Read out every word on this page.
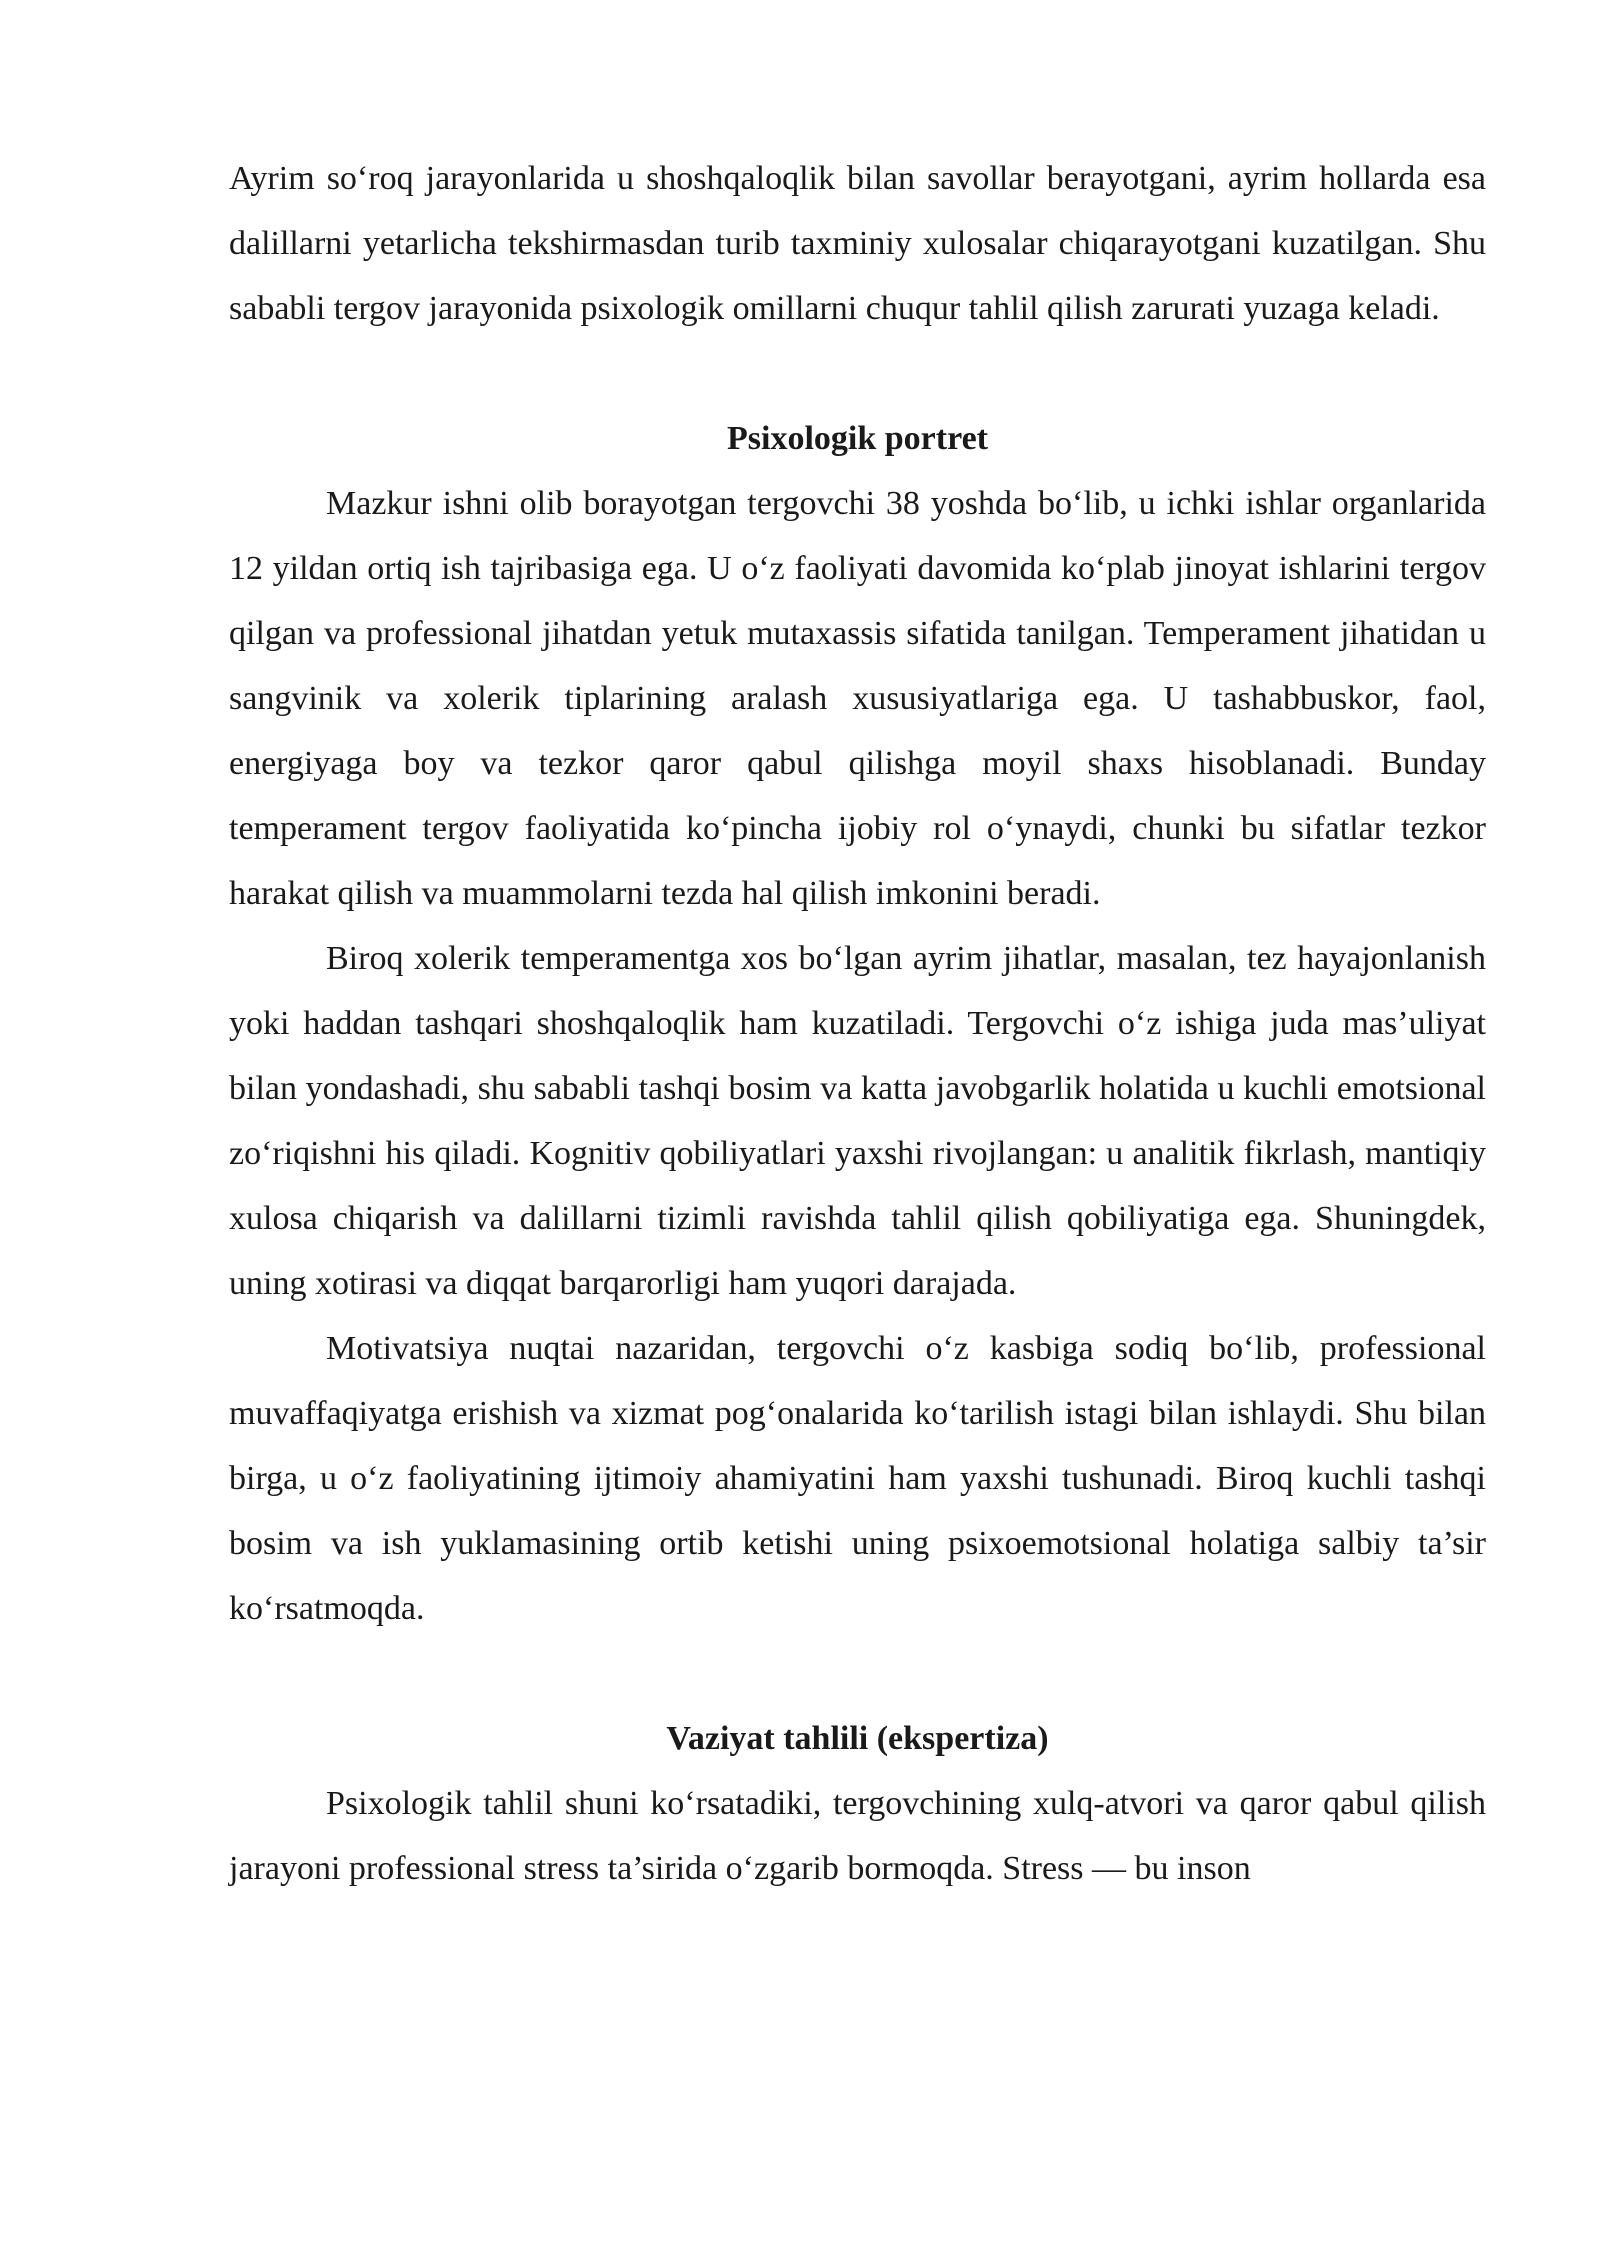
Ayrim so‘roq jarayonlarida u shoshqaloqlik bilan savollar berayotgani, ayrim hollarda esa dalillarni yetarlicha tekshirmasdan turib taxminiy xulosalar chiqarayotgani kuzatilgan. Shu sababli tergov jarayonida psixologik omillarni chuqur tahlil qilish zarurati yuzaga keladi.

Psixologik portret

Mazkur ishni olib borayotgan tergovchi 38 yoshda bo‘lib, u ichki ishlar organlarida 12 yildan ortiq ish tajribasiga ega. U o‘z faoliyati davomida ko‘plab jinoyat ishlarini tergov qilgan va professional jihatdan yetuk mutaxassis sifatida tanilgan. Temperament jihatidan u sangvinik va xolerik tiplarining aralash xususiyatlariga ega. U tashabbuskor, faol, energiyaga boy va tezkor qaror qabul qilishga moyil shaxs hisoblanadi. Bunday temperament tergov faoliyatida ko‘pincha ijobiy rol o‘ynaydi, chunki bu sifatlar tezkor harakat qilish va muammolarni tezda hal qilish imkonini beradi.

Biroq xolerik temperamentga xos bo‘lgan ayrim jihatlar, masalan, tez hayajonlanish yoki haddan tashqari shoshqaloqlik ham kuzatiladi. Tergovchi o‘z ishiga juda mas’uliyat bilan yondashadi, shu sababli tashqi bosim va katta javobgarlik holatida u kuchli emotsional zo‘riqishni his qiladi. Kognitiv qobiliyatlari yaxshi rivojlangan: u analitik fikrlash, mantiqiy xulosa chiqarish va dalillarni tizimli ravishda tahlil qilish qobiliyatiga ega. Shuningdek, uning xotirasi va diqqat barqarorligi ham yuqori darajada.

Motivatsiya nuqtai nazaridan, tergovchi o‘z kasbiga sodiq bo‘lib, professional muvaffaqiyatga erishish va xizmat pog‘onalarida ko‘tarilish istagi bilan ishlaydi. Shu bilan birga, u o‘z faoliyatining ijtimoiy ahamiyatini ham yaxshi tushunadi. Biroq kuchli tashqi bosim va ish yuklamasining ortib ketishi uning psixoemotsional holatiga salbiy ta’sir ko‘rsatmoqda.

Vaziyat tahlili (ekspertiza)

Psixologik tahlil shuni ko‘rsatadiki, tergovchining xulq-atvori va qaror qabul qilish jarayoni professional stress ta’sirida o‘zgarib bormoqda. Stress — bu inson
